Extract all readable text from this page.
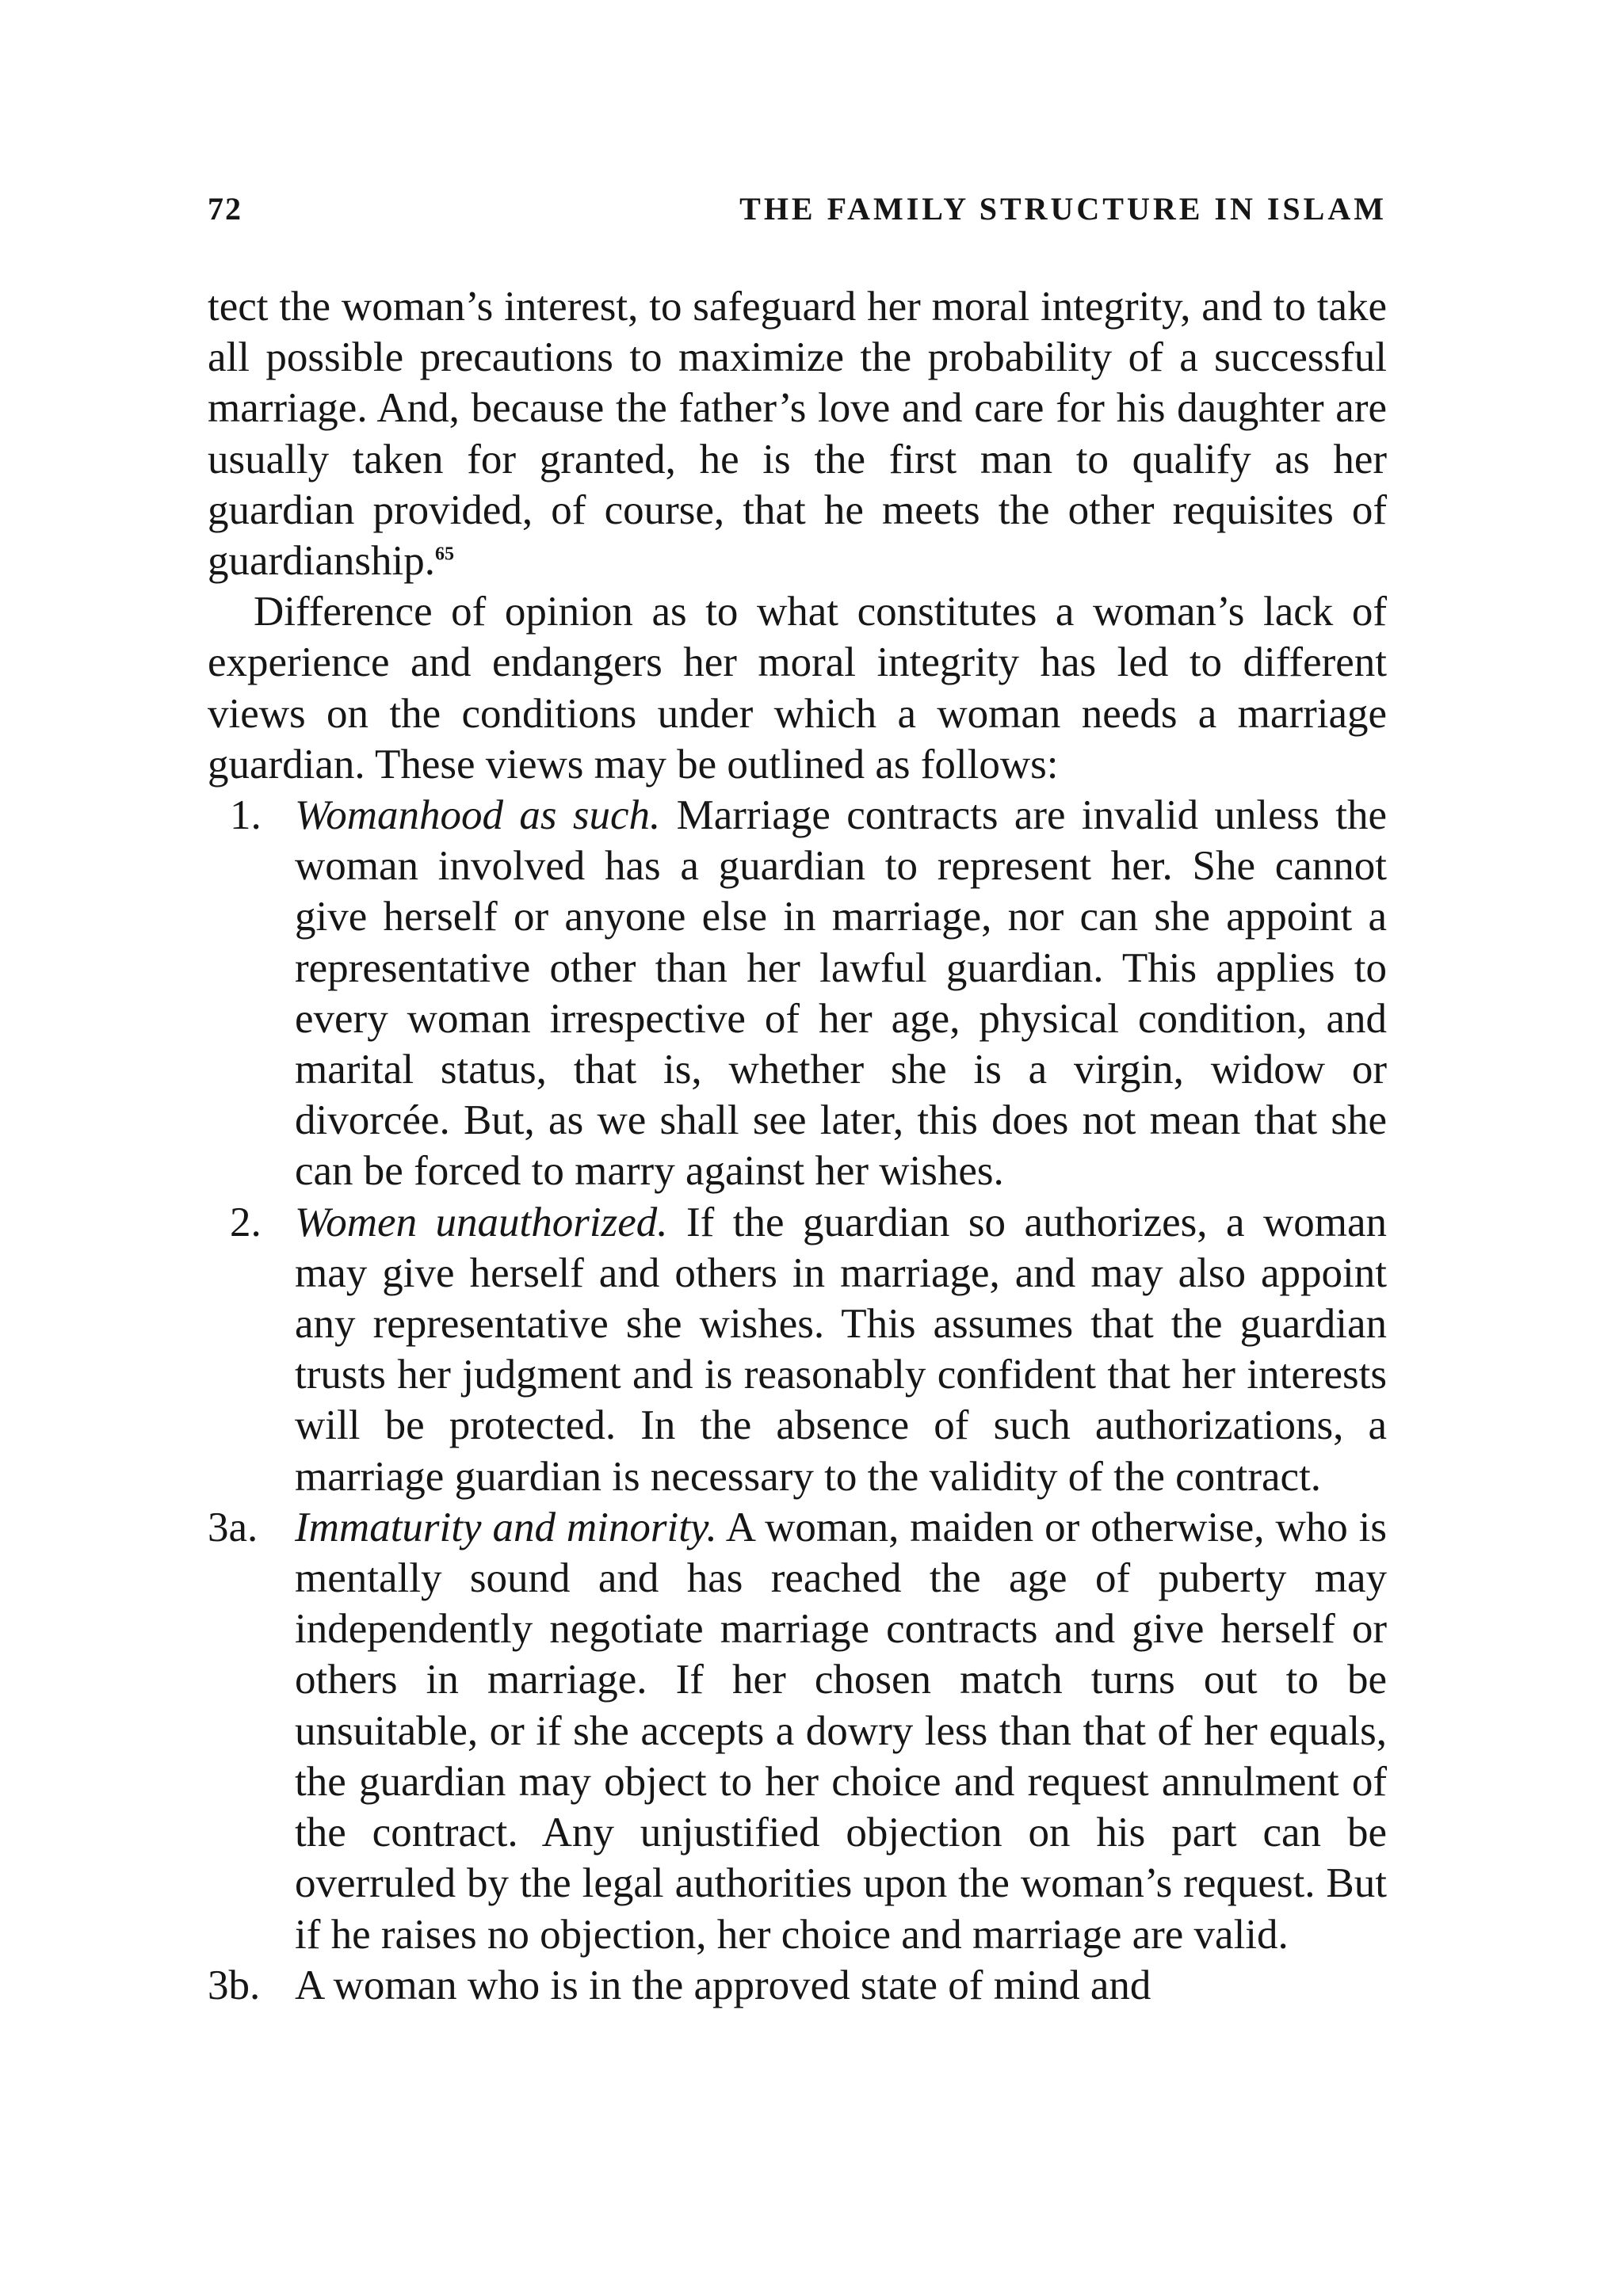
72	THE FAMILY STRUCTURE IN ISLAM

tect the woman’s interest, to safeguard her moral integrity, and to take all possible precautions to maximize the probability of a successful marriage. And, because the father’s love and care for his daughter are usually taken for granted, he is the first man to qualify as her guardian provided, of course, that he meets the other requisites of guardianship.$^{65}$

Difference of opinion as to what constitutes a woman’s lack of experience and endangers her moral integrity has led to different views on the conditions under which a woman needs a marriage guardian. These views may be outlined as follows:

1. Womanhood as such. Marriage contracts are invalid unless the woman involved has a guardian to represent her. She cannot give herself or anyone else in marriage, nor can she appoint a representative other than her lawful guardian. This applies to every woman irrespective of her age, physical condition, and marital status, that is, whether she is a virgin, widow or divorcée. But, as we shall see later, this does not mean that she can be forced to marry against her wishes.
2. Women unauthorized. If the guardian so authorizes, a woman may give herself and others in marriage, and may also appoint any representative she wishes. This assumes that the guardian trusts her judgment and is reasonably confident that her interests will be protected. In the absence of such authorizations, a marriage guardian is necessary to the validity of the contract.
3a. Immaturity and minority. A woman, maiden or otherwise, who is mentally sound and has reached the age of puberty may independently negotiate marriage contracts and give herself or others in marriage. If her chosen match turns out to be unsuitable, or if she accepts a dowry less than that of her equals, the guardian may object to her choice and request annulment of the contract. Any unjustified objection on his part can be overruled by the legal authorities upon the woman’s request. But if he raises no objection, her choice and marriage are valid.
3b. A woman who is in the approved state of mind and
